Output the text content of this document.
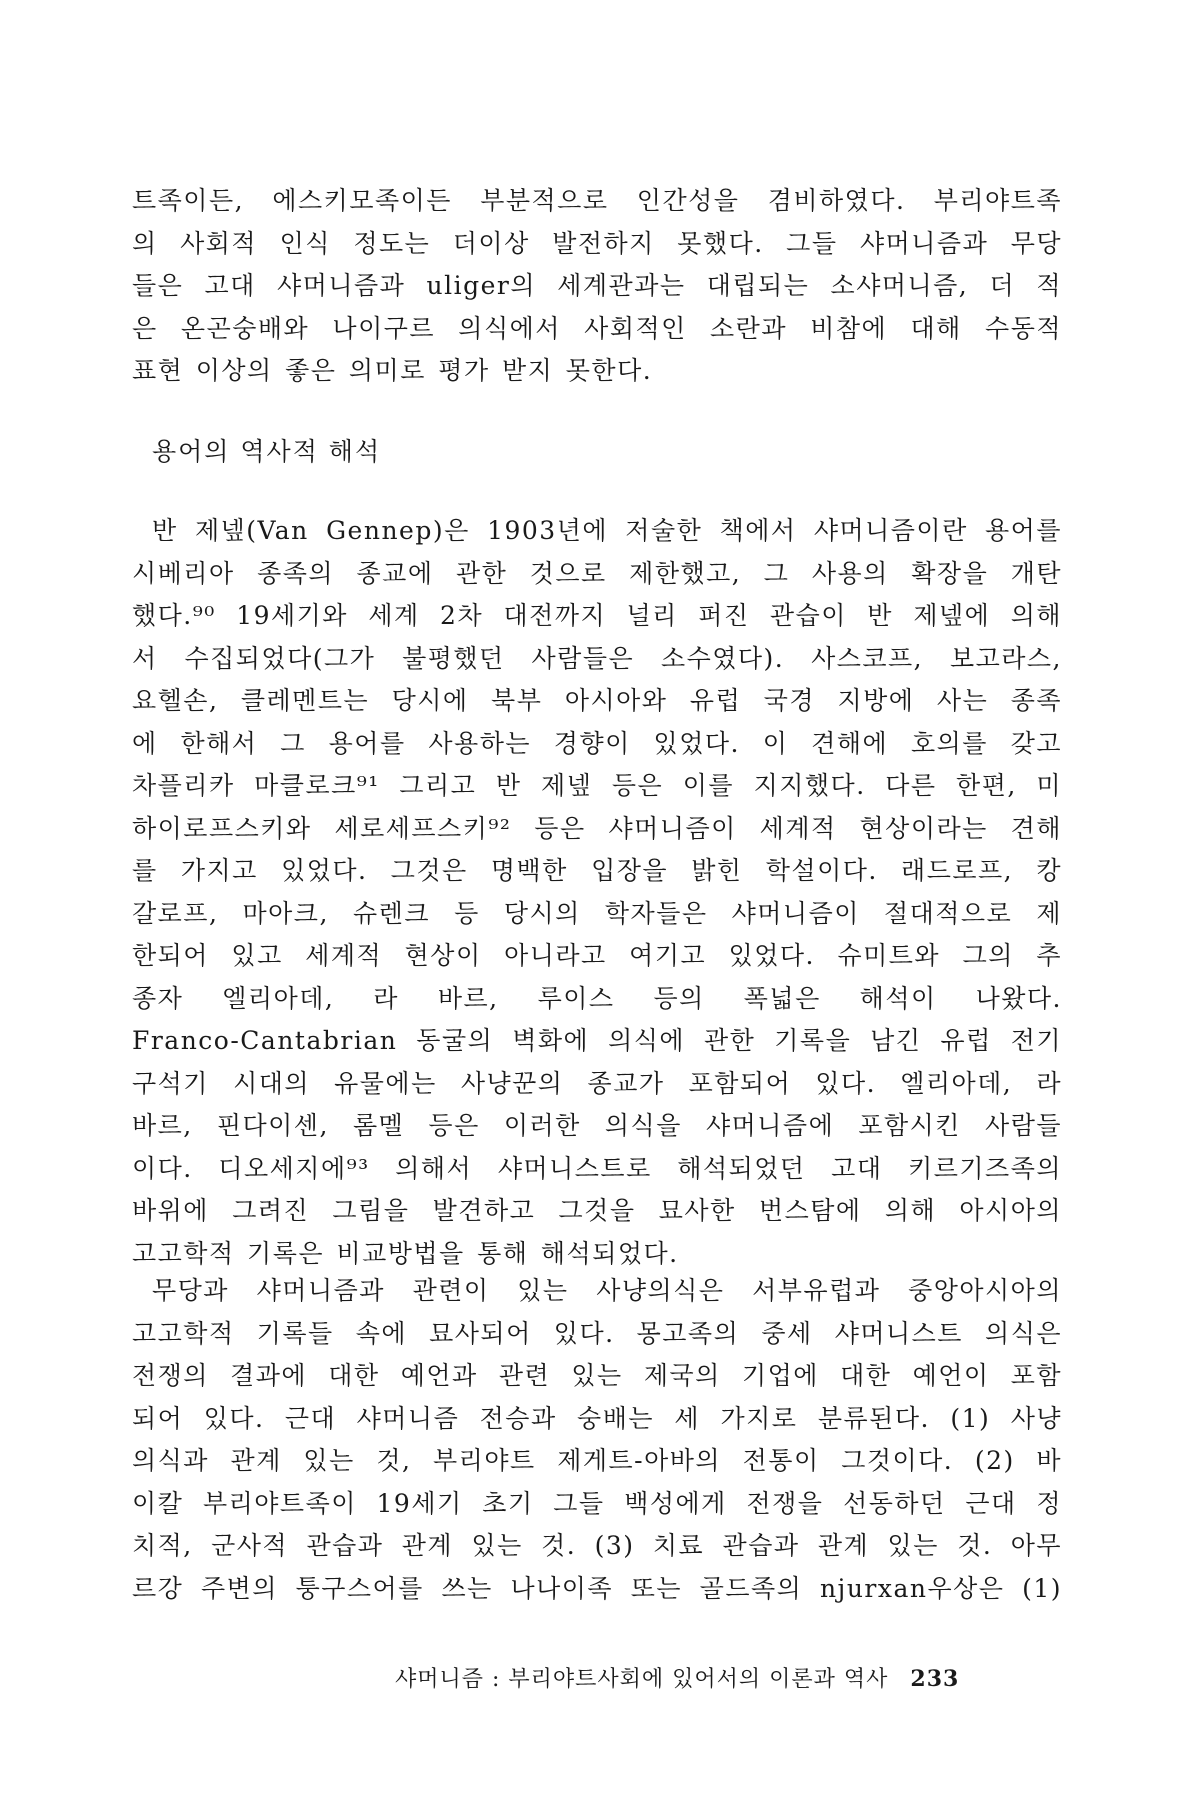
트족이든, 에스키모족이든 부분적으로 인간성을 겸비하였다. 부리야트족
의 사회적 인식 정도는 더이상 발전하지 못했다. 그들 샤머니즘과 무당
들은 고대 샤머니즘과 uliger의 세계관과는 대립되는 소샤머니즘, 더 적
은 온곤숭배와 나이구르 의식에서 사회적인 소란과 비참에 대해 수동적
표현 이상의 좋은 의미로 평가 받지 못한다.
용어의 역사적 해석
반 제넾(Van Gennep)은 1903년에 저술한 책에서 샤머니즘이란 용어를
시베리아 종족의 종교에 관한 것으로 제한했고, 그 사용의 확장을 개탄
했다.⁹⁰ 19세기와 세계 2차 대전까지 널리 퍼진 관습이 반 제넾에 의해
서 수집되었다(그가 불평했던 사람들은 소수였다). 사스코프, 보고라스,
요헬손, 클레멘트는 당시에 북부 아시아와 유럽 국경 지방에 사는 종족
에 한해서 그 용어를 사용하는 경향이 있었다. 이 견해에 호의를 갖고
차플리카 마클로크⁹¹ 그리고 반 제넾 등은 이를 지지했다. 다른 한편, 미
하이로프스키와 세로세프스키⁹² 등은 샤머니즘이 세계적 현상이라는 견해
를 가지고 있었다. 그것은 명백한 입장을 밝힌 학설이다. 래드로프, 캉
갈로프, 마아크, 슈렌크 등 당시의 학자들은 샤머니즘이 절대적으로 제
한되어 있고 세계적 현상이 아니라고 여기고 있었다. 슈미트와 그의 추
종자 엘리아데, 라 바르, 루이스 등의 폭넓은 해석이 나왔다.
Franco-Cantabrian 동굴의 벽화에 의식에 관한 기록을 남긴 유럽 전기
구석기 시대의 유물에는 사냥꾼의 종교가 포함되어 있다. 엘리아데, 라
바르, 핀다이센, 롬멜 등은 이러한 의식을 샤머니즘에 포함시킨 사람들
이다. 디오세지에⁹³ 의해서 샤머니스트로 해석되었던 고대 키르기즈족의
바위에 그려진 그림을 발견하고 그것을 묘사한 번스탐에 의해 아시아의
고고학적 기록은 비교방법을 통해 해석되었다.
무당과 샤머니즘과 관련이 있는 사냥의식은 서부유럽과 중앙아시아의
고고학적 기록들 속에 묘사되어 있다. 몽고족의 중세 샤머니스트 의식은
전쟁의 결과에 대한 예언과 관련 있는 제국의 기업에 대한 예언이 포함
되어 있다. 근대 샤머니즘 전승과 숭배는 세 가지로 분류된다. (1) 사냥
의식과 관계 있는 것, 부리야트 제게트-아바의 전통이 그것이다. (2) 바
이칼 부리야트족이 19세기 초기 그들 백성에게 전쟁을 선동하던 근대 정
치적, 군사적 관습과 관계 있는 것. (3) 치료 관습과 관계 있는 것. 아무
르강 주변의 퉁구스어를 쓰는 나나이족 또는 골드족의 njurxan우상은 (1)
샤머니즘 : 부리야트사회에 있어서의 이론과 역사 233
